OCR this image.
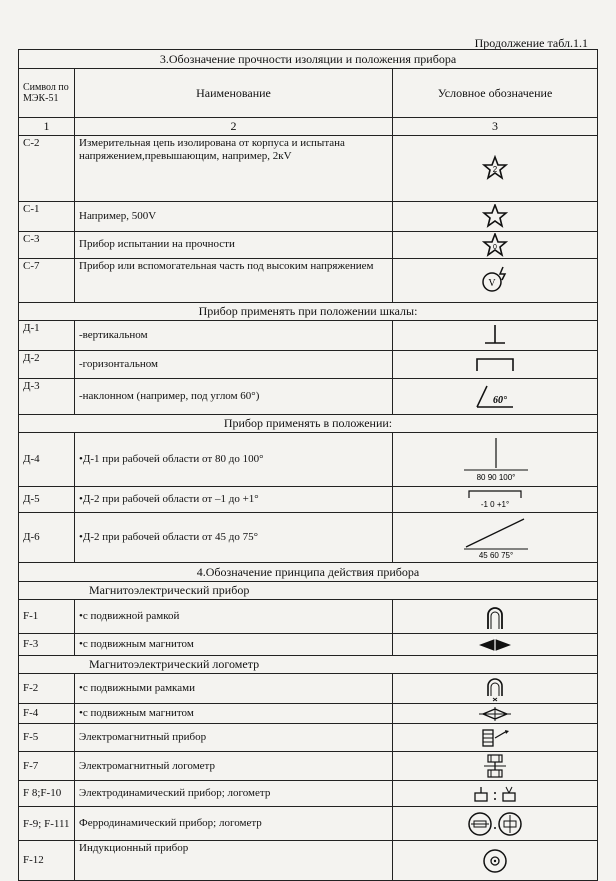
Продолжение табл.1.1
3.Обозначение прочности изоляции и положения прибора		
Символ по МЭК-51	Наименование	Условное обозначение
1	2	3
С-2	Измерительная цепь изолирована от корпуса и испытана напряжением,превышающим, например, 2кV	2

С-1	Например, 500V	

С-3	Прибор испытании на прочности	0

С-7	Прибор или вспомогательная часть под высоким напряжением	V

Прибор применять при положении шкалы:		
Д-1	-вертикальном	

Д-2	-горизонтальном	

Д-3	-наклонном (например, под углом 60°)	60°

Прибор применять в положении:		
Д-4	•Д-1 при рабочей области от 80 до 100°	80 90 100°

Д-5	•Д-2 при рабочей области от –1 до +1°	-1 0 +1°

Д-6	•Д-2 при рабочей области от 45 до 75°	45 60 75°

4.Обозначение принципа действия прибора		
Магнитоэлектрический прибор		
F-1	•с подвижной рамкой	

F-3	•с подвижным магнитом	

Магнитоэлектрический логометр		
F-2	•с подвижными рамками	

F-4	•с подвижным магнитом	

F-5	Электромагнитный прибор	

F-7	Электромагнитный логометр	

F 8;F-10	Электродинамический прибор; логометр	

F-9; F-111	Ферродинамический прибор; логометр	

F-12	Индукционный прибор	
